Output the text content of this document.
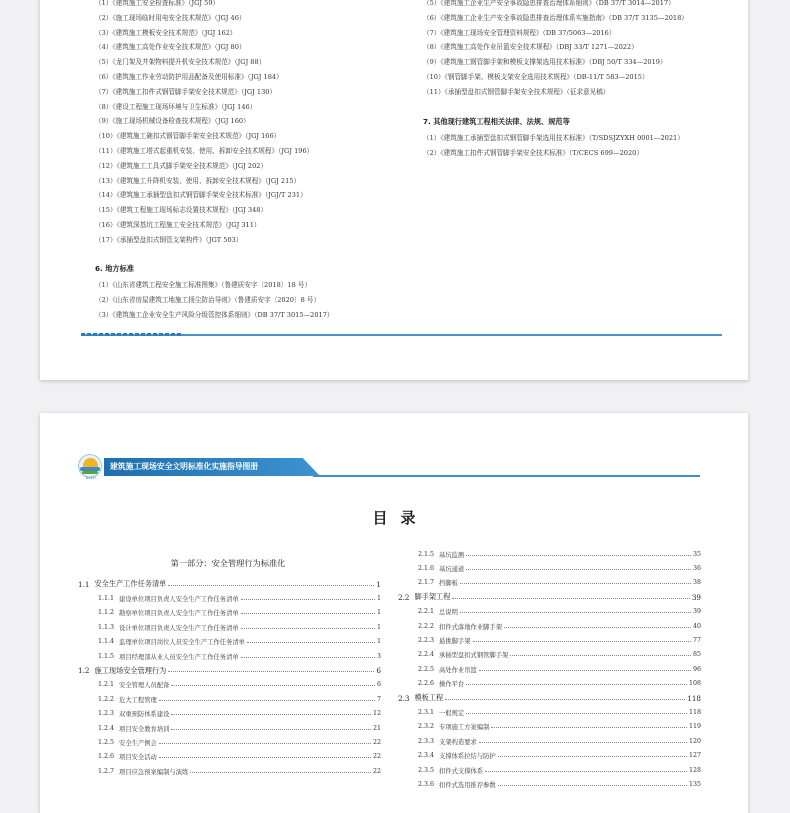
（1）《建筑施工安全检查标准》（JGJ 59）
（2）《施工现场临时用电安全技术规范》（JGJ 46）
（3）《建筑施工模板安全技术规范》（JGJ 162）
（4）《建筑施工高处作业安全技术规范》（JGJ 80）
（5）《龙门架及井架物料提升机安全技术规范》（JGJ 88）
（6）《建筑施工作业劳动防护用品配备及使用标准》（JGJ 184）
（7）《建筑施工扣件式钢管脚手架安全技术规范》（JGJ 130）
（8）《建设工程施工现场环境与卫生标准》（JGJ 146）
（9）《施工现场机械设备检查技术规程》（JGJ 160）
（10）《建筑施工碗扣式钢管脚手架安全技术规范》（JGJ 166）
（11）《建筑施工塔式起重机安装、使用、拆卸安全技术规程》（JGJ 196）
（12）《建筑施工工具式脚手架安全技术规范》（JGJ 202）
（13）《建筑施工升降机安装、使用、拆卸安全技术规程》（JGJ 215）
（14）《建筑施工承插型盘扣式钢管脚手架安全技术标准》（JGJ/T 231）
（15）《建筑工程施工现场标志设置技术规程》（JGJ 348）
（16）《建筑深基坑工程施工安全技术规范》（JGJ 311）
（17）《承插型盘扣式钢管支架构件》（JGT 503）
6. 地方标准
（1）《山东省建筑工程安全施工标准图集》（鲁建质安字〔2018〕18 号）
（2）《山东省房屋建筑工地施工扬尘防治导则》（鲁建质安字〔2020〕8 号）
（3）《建筑施工企业安全生产风险分级管控体系细则》（DB 37/T 3015—2017）
（5）《建筑施工企业生产安全事故隐患排查治理体系细则》（DB 37/T 3014—2017）
（6）《建筑施工企业生产安全事故隐患排查治理体系实施指南》（DB 37/T 3135—2018）
（7）《建筑施工现场安全管理资料规程》（DB 37/5063—2016）
（8）《建筑施工高处作业吊篮安全技术规程》（DBJ 33/T 1271—2022）
（9）《建筑施工钢管脚手架和模板支撑架选用技术标准》（DBJ 50/T 334—2019）
（10）《钢管脚手架、模板支架安全选用技术规程》（DB-11/T 583—2015）
（11）《承插型盘扣式钢管脚手架安全技术规程》（征求意见稿）
7. 其他现行建筑工程相关法律、法规、规范等
（1）《建筑施工承插型盘扣式钢管脚手架选用技术标准》（T/SDSJZYXH 0001—2021）
（2）《建筑施工扣件式钢管脚手架安全技术标准》（T/CECS 699—2020）
KLEO
建筑施工现场安全文明标准化实施指导图册
目录
第一部分：安全管理行为标准化
1.1 安全生产工作任务清单	1
1.1.1 建设单位项目负责人安全生产工作任务清单	1
1.1.2 勘察单位项目负责人安全生产工作任务清单	1
1.1.3 设计单位项目负责人安全生产工作任务清单	1
1.1.4 监理单位项目岗位人员安全生产工作任务清单	1
1.1.5 项目经理部从业人员安全生产工作任务清单	3
1.2 施工现场安全管理行为	6
1.2.1 安全管理人员配备	6
1.2.2 危大工程管理	7
1.2.3 双重预防体系建设	12
1.2.4 项目安全教育培训	21
1.2.5 安全生产例会	22
1.2.6 项目安全活动	22
1.2.7 项目应急预案编制与演练	22
2.1.5 基坑监测	35
2.1.6 基坑通道	36
2.1.7 挡脚板	38
2.2 脚手架工程	39
2.2.1 总说明	39
2.2.2 扣件式落地作业脚手架	40
2.2.3 悬挑脚手架	77
2.2.4 承插型盘扣式钢管脚手架	85
2.2.5 高处作业吊篮	96
2.2.6 操作平台	108
2.3 模板工程	118
2.3.1 一般规定	118
2.3.2 专项施工方案编制	119
2.3.3 支架构造要求	120
2.3.4 支撑体系拉结与防护	127
2.3.5 扣件式支撑体系	128
2.3.6 扣件式选用推荐参数	135
